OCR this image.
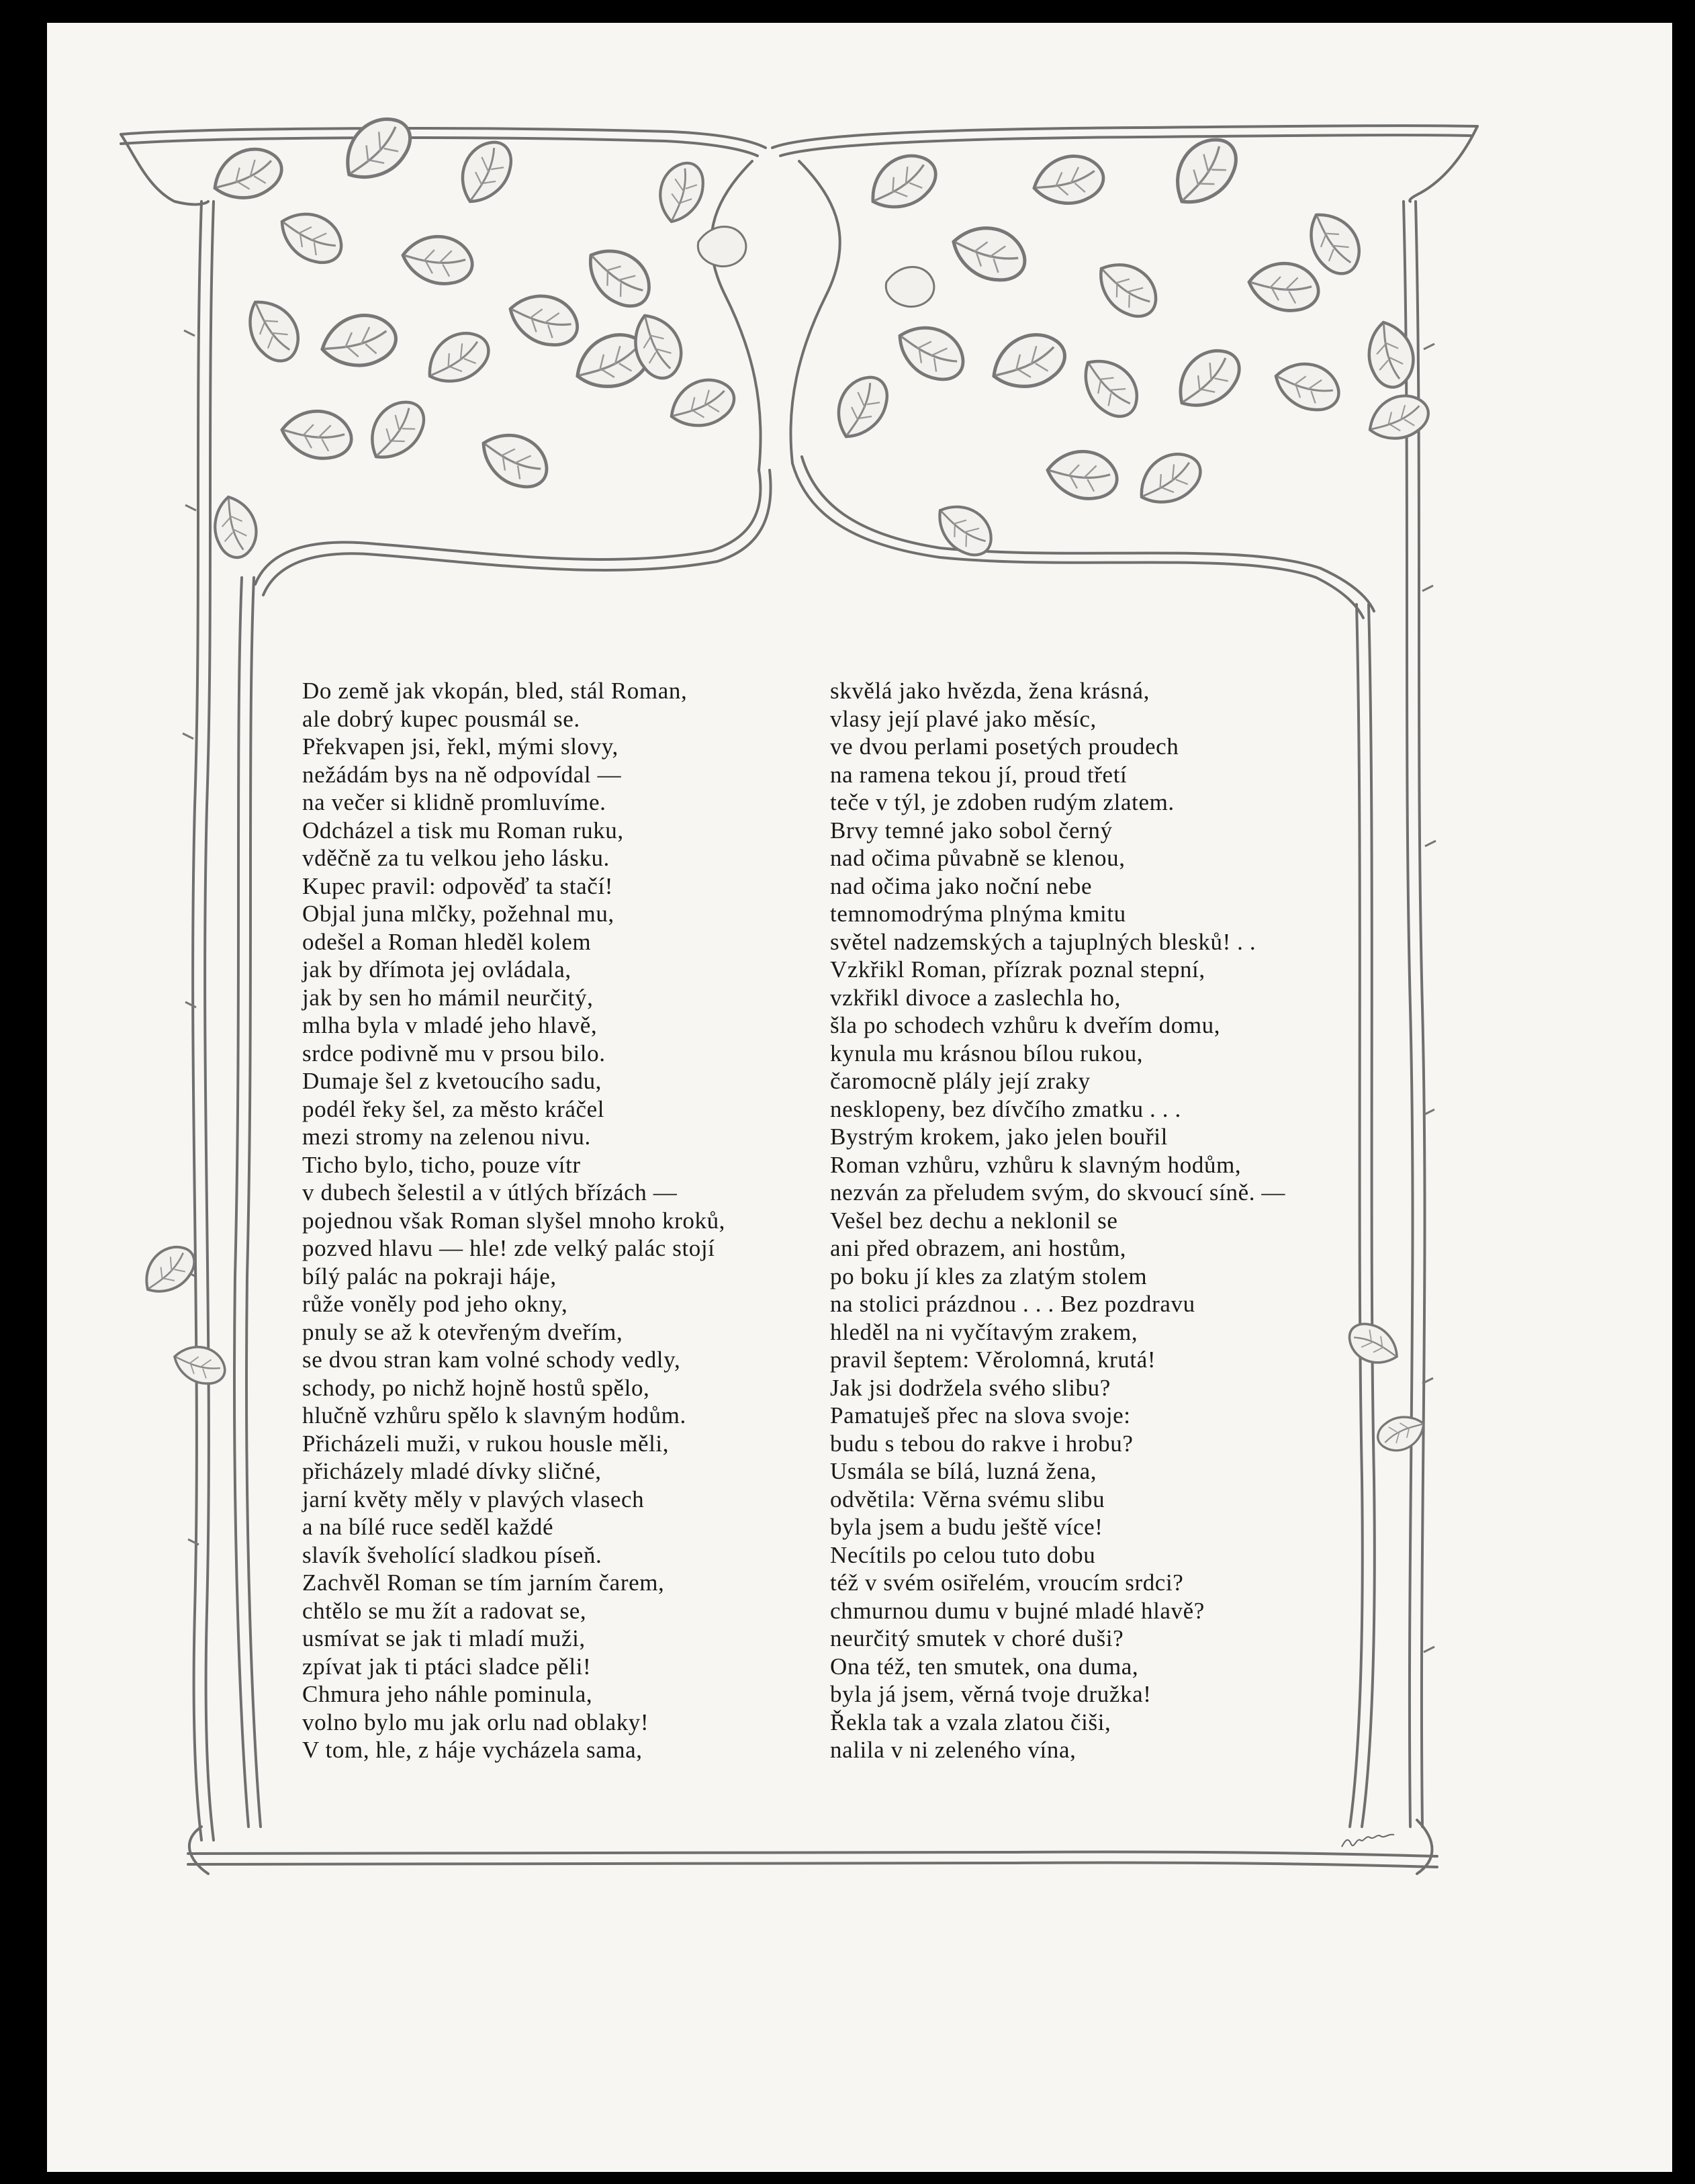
Do země jak vkopán, bled, stál Roman,
ale dobrý kupec pousmál se.
Překvapen jsi, řekl, mými slovy,
nežádám bys na ně odpovídal —
na večer si klidně promluvíme.
Odcházel a tisk mu Roman ruku,
vděčně za tu velkou jeho lásku.
Kupec pravil: odpověď ta stačí!
Objal juna mlčky, požehnal mu,
odešel a Roman hleděl kolem
jak by dřímota jej ovládala,
jak by sen ho mámil neurčitý,
mlha byla v mladé jeho hlavě,
srdce podivně mu v prsou bilo.
Dumaje šel z kvetoucího sadu,
podél řeky šel, za město kráčel
mezi stromy na zelenou nivu.
Ticho bylo, ticho, pouze vítr
v dubech šelestil a v útlých břízách —
pojednou však Roman slyšel mnoho kroků,
pozved hlavu — hle! zde velký palác stojí
bílý palác na pokraji háje,
růže voněly pod jeho okny,
pnuly se až k otevřeným dveřím,
se dvou stran kam volné schody vedly,
schody, po nichž hojně hostů spělo,
hlučně vzhůru spělo k slavným hodům.
Přicházeli muži, v rukou housle měli,
přicházely mladé dívky sličné,
jarní květy měly v plavých vlasech
a na bílé ruce seděl každé
slavík šveholící sladkou píseň.
Zachvěl Roman se tím jarním čarem,
chtělo se mu žít a radovat se,
usmívat se jak ti mladí muži,
zpívat jak ti ptáci sladce pěli!
Chmura jeho náhle pominula,
volno bylo mu jak orlu nad oblaky!
V tom, hle, z háje vycházela sama,
skvělá jako hvězda, žena krásná,
vlasy její plavé jako měsíc,
ve dvou perlami posetých proudech
na ramena tekou jí, proud třetí
teče v týl, je zdoben rudým zlatem.
Brvy temné jako sobol černý
nad očima půvabně se klenou,
nad očima jako noční nebe
temnomodrýma plnýma kmitu
světel nadzemských a tajuplných blesků! . .
Vzkřikl Roman, přízrak poznal stepní,
vzkřikl divoce a zaslechla ho,
šla po schodech vzhůru k dveřím domu,
kynula mu krásnou bílou rukou,
čaromocně plály její zraky
nesklopeny, bez dívčího zmatku . . .
Bystrým krokem, jako jelen bouřil
Roman vzhůru, vzhůru k slavným hodům,
nezván za přeludem svým, do skvoucí síně. —
Vešel bez dechu a neklonil se
ani před obrazem, ani hostům,
po boku jí kles za zlatým stolem
na stolici prázdnou . . . Bez pozdravu
hleděl na ni vyčítavým zrakem,
pravil šeptem: Věrolomná, krutá!
Jak jsi dodržela svého slibu?
Pamatuješ přec na slova svoje:
budu s tebou do rakve i hrobu?
Usmála se bílá, luzná žena,
odvětila: Věrna svému slibu
byla jsem a budu ještě více!
Necítils po celou tuto dobu
též v svém osiřelém, vroucím srdci?
chmurnou dumu v bujné mladé hlavě?
neurčitý smutek v choré duši?
Ona též, ten smutek, ona duma,
byla já jsem, věrná tvoje družka!
Řekla tak a vzala zlatou čiši,
nalila v ni zeleného vína,
